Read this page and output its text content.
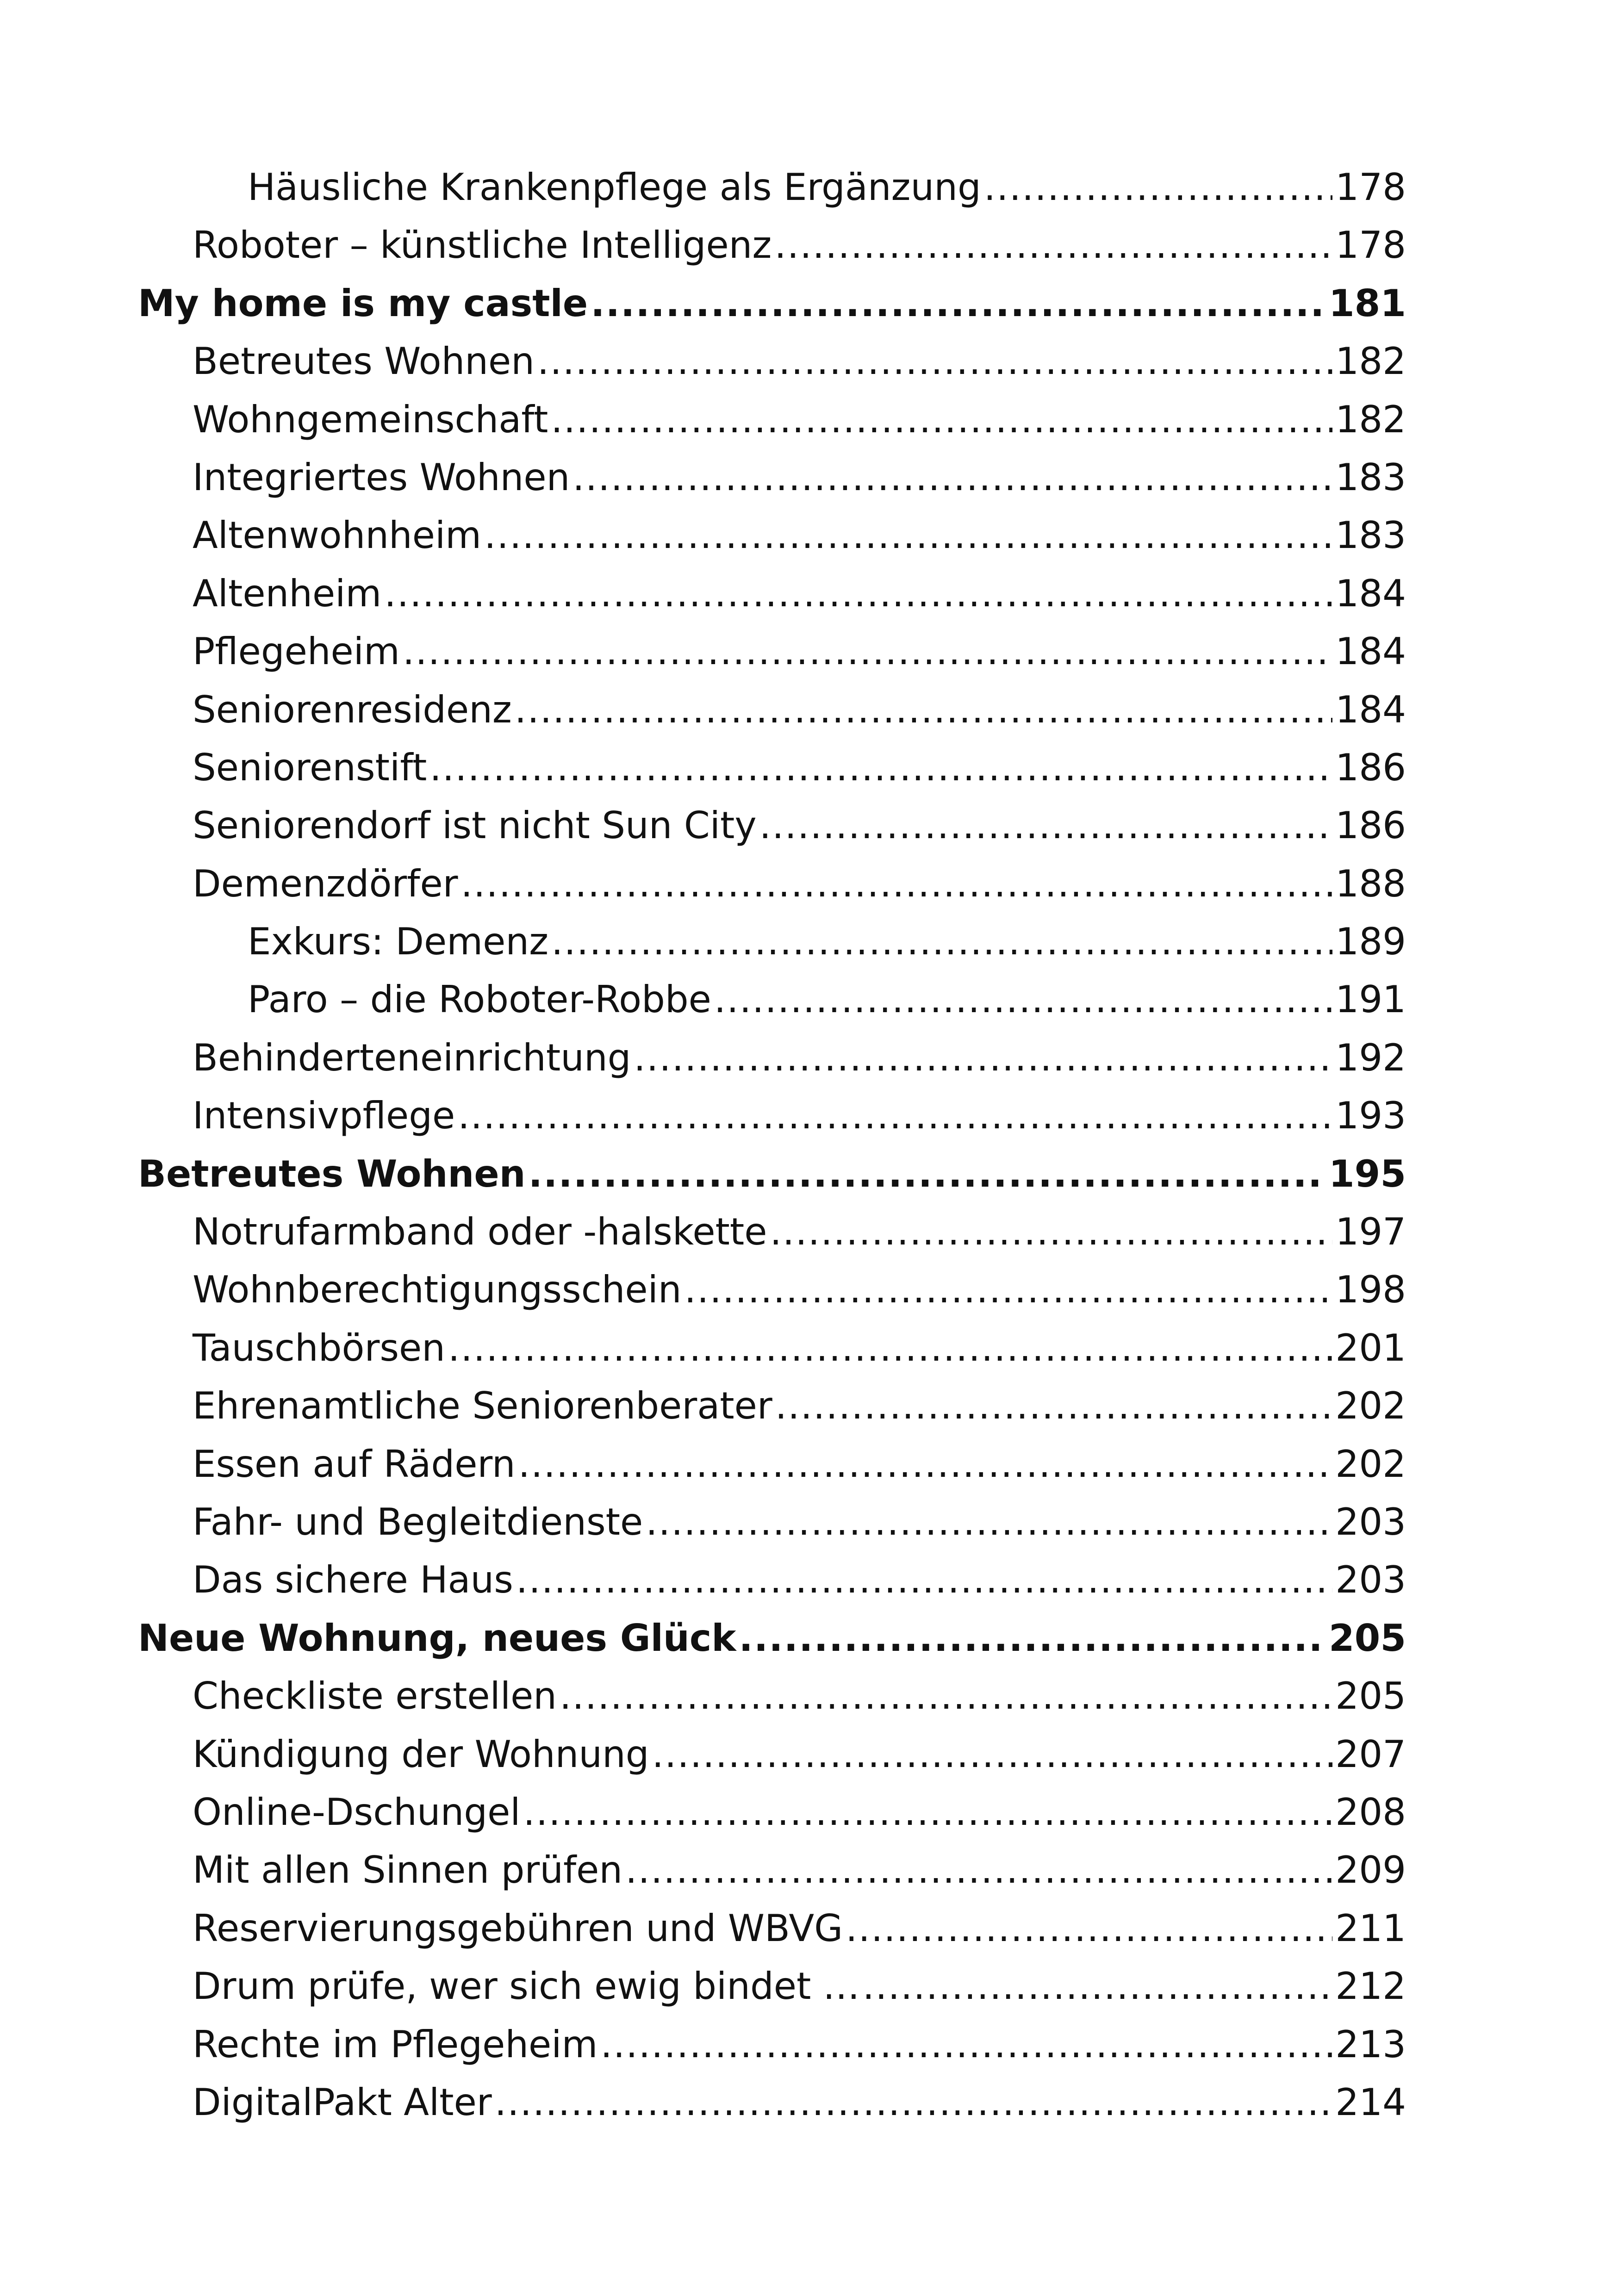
Häusliche Krankenpflege als Ergänzung .....	178
Roboter – künstliche Intelligenz .....	178
My home is my castle .....	181
Betreutes Wohnen .....	182
Wohngemeinschaft .....	182
Integriertes Wohnen .....	183
Altenwohnheim .....	183
Altenheim .....	184
Pflegeheim .....	184
Seniorenresidenz .....	184
Seniorenstift .....	186
Seniorendorf ist nicht Sun City .....	186
Demenzdörfer .....	188
Exkurs: Demenz .....	189
Paro – die Roboter-Robbe .....	191
Behinderteneinrichtung .....	192
Intensivpflege .....	193
Betreutes Wohnen .....	195
Notrufarmband oder -halskette .....	197
Wohnberechtigungsschein .....	198
Tauschbörsen .....	201
Ehrenamtliche Seniorenberater .....	202
Essen auf Rädern .....	202
Fahr- und Begleitdienste .....	203
Das sichere Haus .....	203
Neue Wohnung, neues Glück .....	205
Checkliste erstellen .....	205
Kündigung der Wohnung .....	207
Online-Dschungel .....	208
Mit allen Sinnen prüfen .....	209
Reservierungsgebühren und WBVG .....	211
Drum prüfe, wer sich ewig bindet … .....	212
Rechte im Pflegeheim .....	213
DigitalPakt Alter .....	214
